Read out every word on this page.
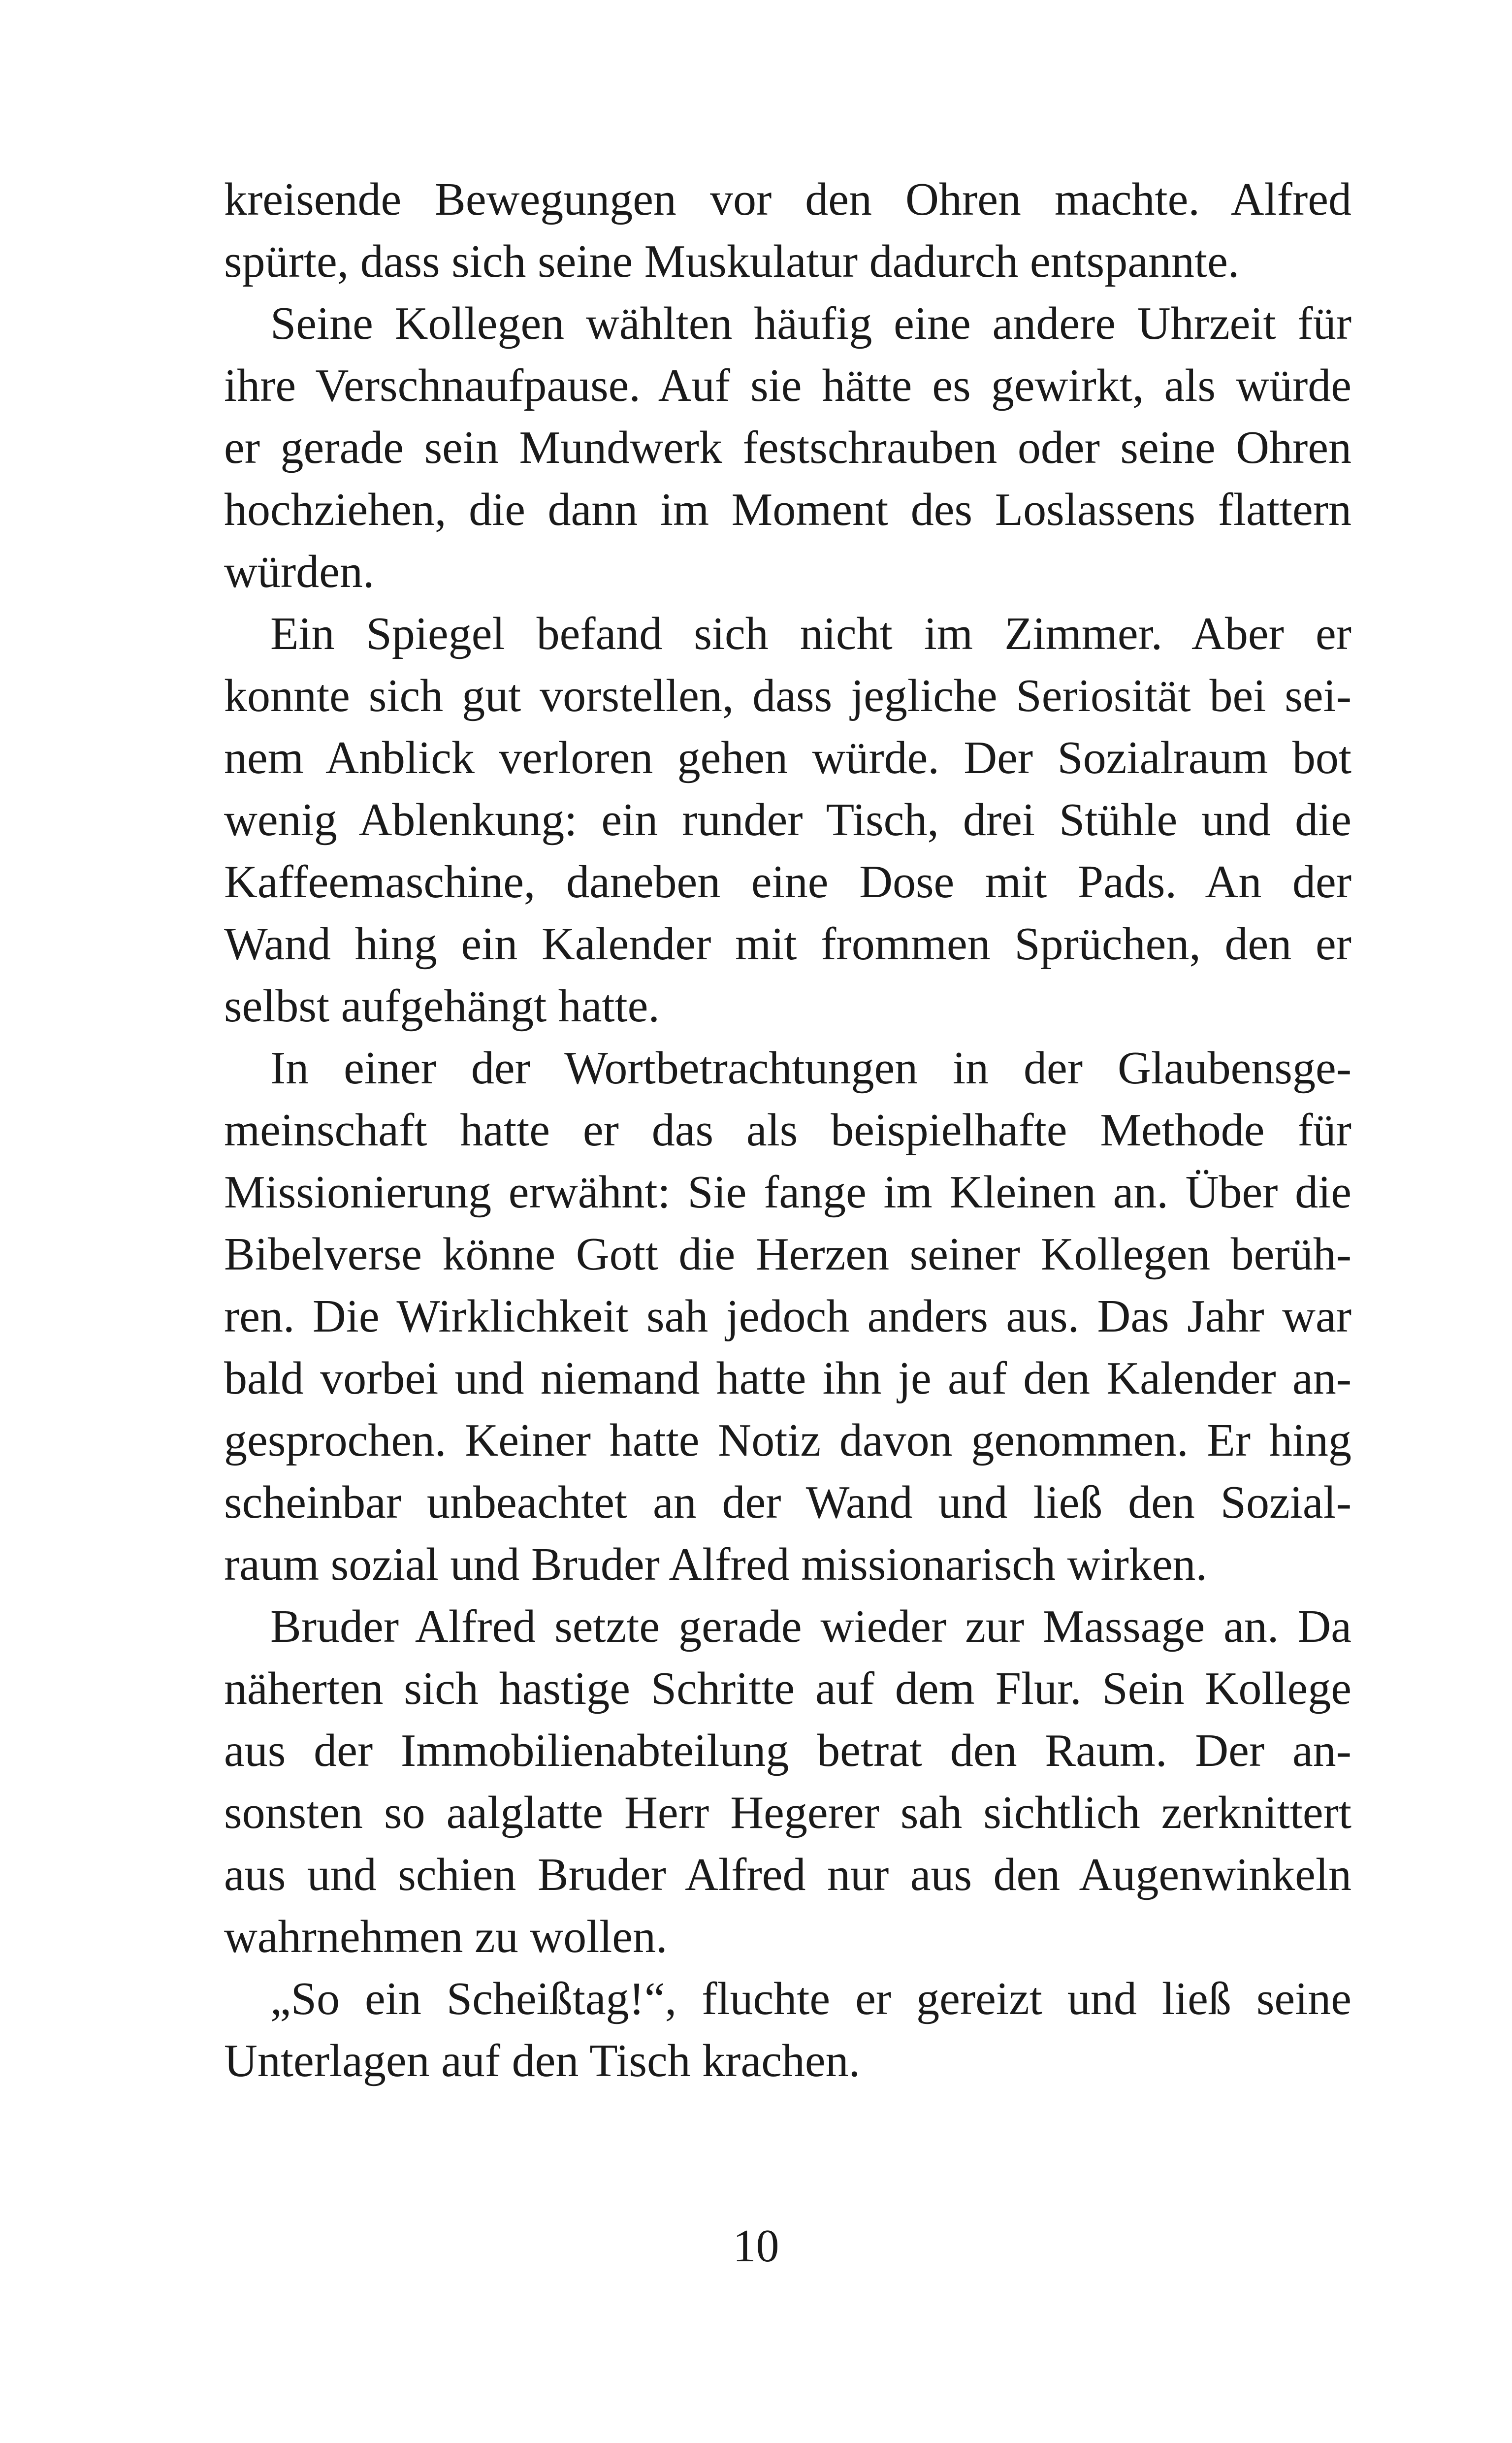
kreisende Bewegungen vor den Ohren machte. Alfred
spürte, dass sich seine Muskulatur dadurch entspannte.
Seine Kollegen wählten häufig eine andere Uhrzeit für
ihre Verschnaufpause. Auf sie hätte es gewirkt, als würde
er gerade sein Mundwerk festschrauben oder seine Ohren
hochziehen, die dann im Moment des Loslassens flattern
würden.
Ein Spiegel befand sich nicht im Zimmer. Aber er
konnte sich gut vorstellen, dass jegliche Seriosität bei sei-
nem Anblick verloren gehen würde. Der Sozialraum bot
wenig Ablenkung: ein runder Tisch, drei Stühle und die
Kaffeemaschine, daneben eine Dose mit Pads. An der
Wand hing ein Kalender mit frommen Sprüchen, den er
selbst aufgehängt hatte.
In einer der Wortbetrachtungen in der Glaubensge-
meinschaft hatte er das als beispielhafte Methode für
Missionierung erwähnt: Sie fange im Kleinen an. Über die
Bibelverse könne Gott die Herzen seiner Kollegen berüh-
ren. Die Wirklichkeit sah jedoch anders aus. Das Jahr war
bald vorbei und niemand hatte ihn je auf den Kalender an-
gesprochen. Keiner hatte Notiz davon genommen. Er hing
scheinbar unbeachtet an der Wand und ließ den Sozial-
raum sozial und Bruder Alfred missionarisch wirken.
Bruder Alfred setzte gerade wieder zur Massage an. Da
näherten sich hastige Schritte auf dem Flur. Sein Kollege
aus der Immobilienabteilung betrat den Raum. Der an-
sonsten so aalglatte Herr Hegerer sah sichtlich zerknittert
aus und schien Bruder Alfred nur aus den Augenwinkeln
wahrnehmen zu wollen.
„So ein Scheißtag!“, fluchte er gereizt und ließ seine
Unterlagen auf den Tisch krachen.
10
